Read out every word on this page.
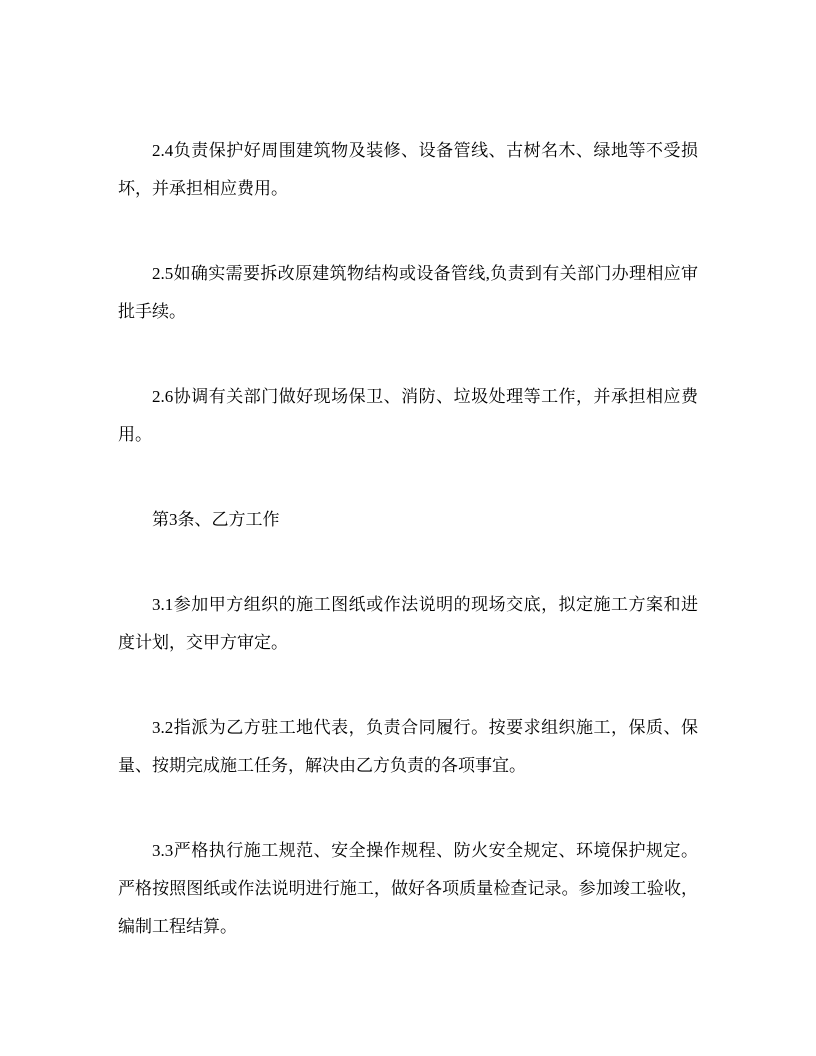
2.4负责保护好周围建筑物及装修、设备管线、古树名木、绿地等不受损坏，并承担相应费用。

2.5如确实需要拆改原建筑物结构或设备管线,负责到有关部门办理相应审批手续。

2.6协调有关部门做好现场保卫、消防、垃圾处理等工作，并承担相应费用。

第3条、乙方工作

3.1参加甲方组织的施工图纸或作法说明的现场交底，拟定施工方案和进度计划，交甲方审定。

3.2指派为乙方驻工地代表，负责合同履行。按要求组织施工，保质、保量、按期完成施工任务，解决由乙方负责的各项事宜。

3.3严格执行施工规范、安全操作规程、防火安全规定、环境保护规定。严格按照图纸或作法说明进行施工，做好各项质量检查记录。参加竣工验收，编制工程结算。
